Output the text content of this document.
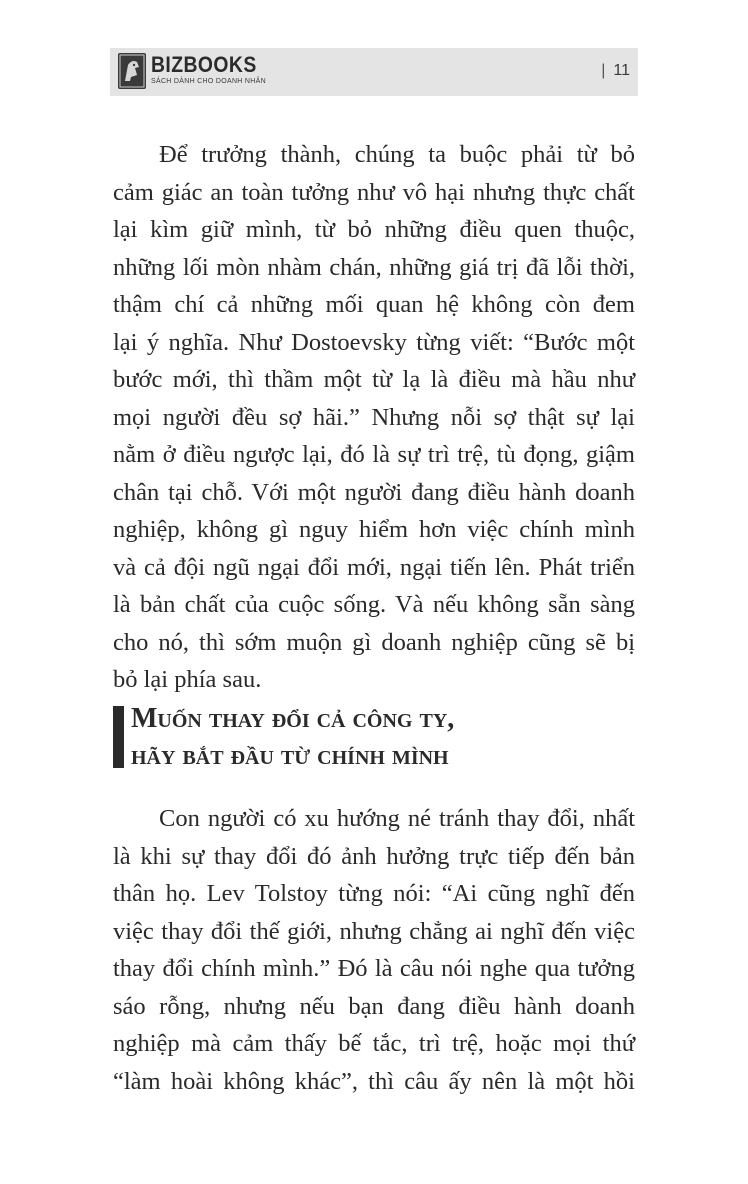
BIZBOOKS
SÁCH DÀNH CHO DOANH NHÂN
| 11
Để trưởng thành, chúng ta buộc phải từ bỏ
cảm giác an toàn tưởng như vô hại nhưng thực chất
lại kìm giữ mình, từ bỏ những điều quen thuộc,
những lối mòn nhàm chán, những giá trị đã lỗi thời,
thậm chí cả những mối quan hệ không còn đem
lại ý nghĩa. Như Dostoevsky từng viết: “Bước một
bước mới, thì thầm một từ lạ là điều mà hầu như
mọi người đều sợ hãi.” Nhưng nỗi sợ thật sự lại
nằm ở điều ngược lại, đó là sự trì trệ, tù đọng, giậm
chân tại chỗ. Với một người đang điều hành doanh
nghiệp, không gì nguy hiểm hơn việc chính mình
và cả đội ngũ ngại đổi mới, ngại tiến lên. Phát triển
là bản chất của cuộc sống. Và nếu không sẵn sàng
cho nó, thì sớm muộn gì doanh nghiệp cũng sẽ bị
bỏ lại phía sau.
Muốn thay đổi cả công ty,
hãy bắt đầu từ chính mình
Con người có xu hướng né tránh thay đổi, nhất
là khi sự thay đổi đó ảnh hưởng trực tiếp đến bản
thân họ. Lev Tolstoy từng nói: “Ai cũng nghĩ đến
việc thay đổi thế giới, nhưng chẳng ai nghĩ đến việc
thay đổi chính mình.” Đó là câu nói nghe qua tưởng
sáo rỗng, nhưng nếu bạn đang điều hành doanh
nghiệp mà cảm thấy bế tắc, trì trệ, hoặc mọi thứ
“làm hoài không khác”, thì câu ấy nên là một hồi
